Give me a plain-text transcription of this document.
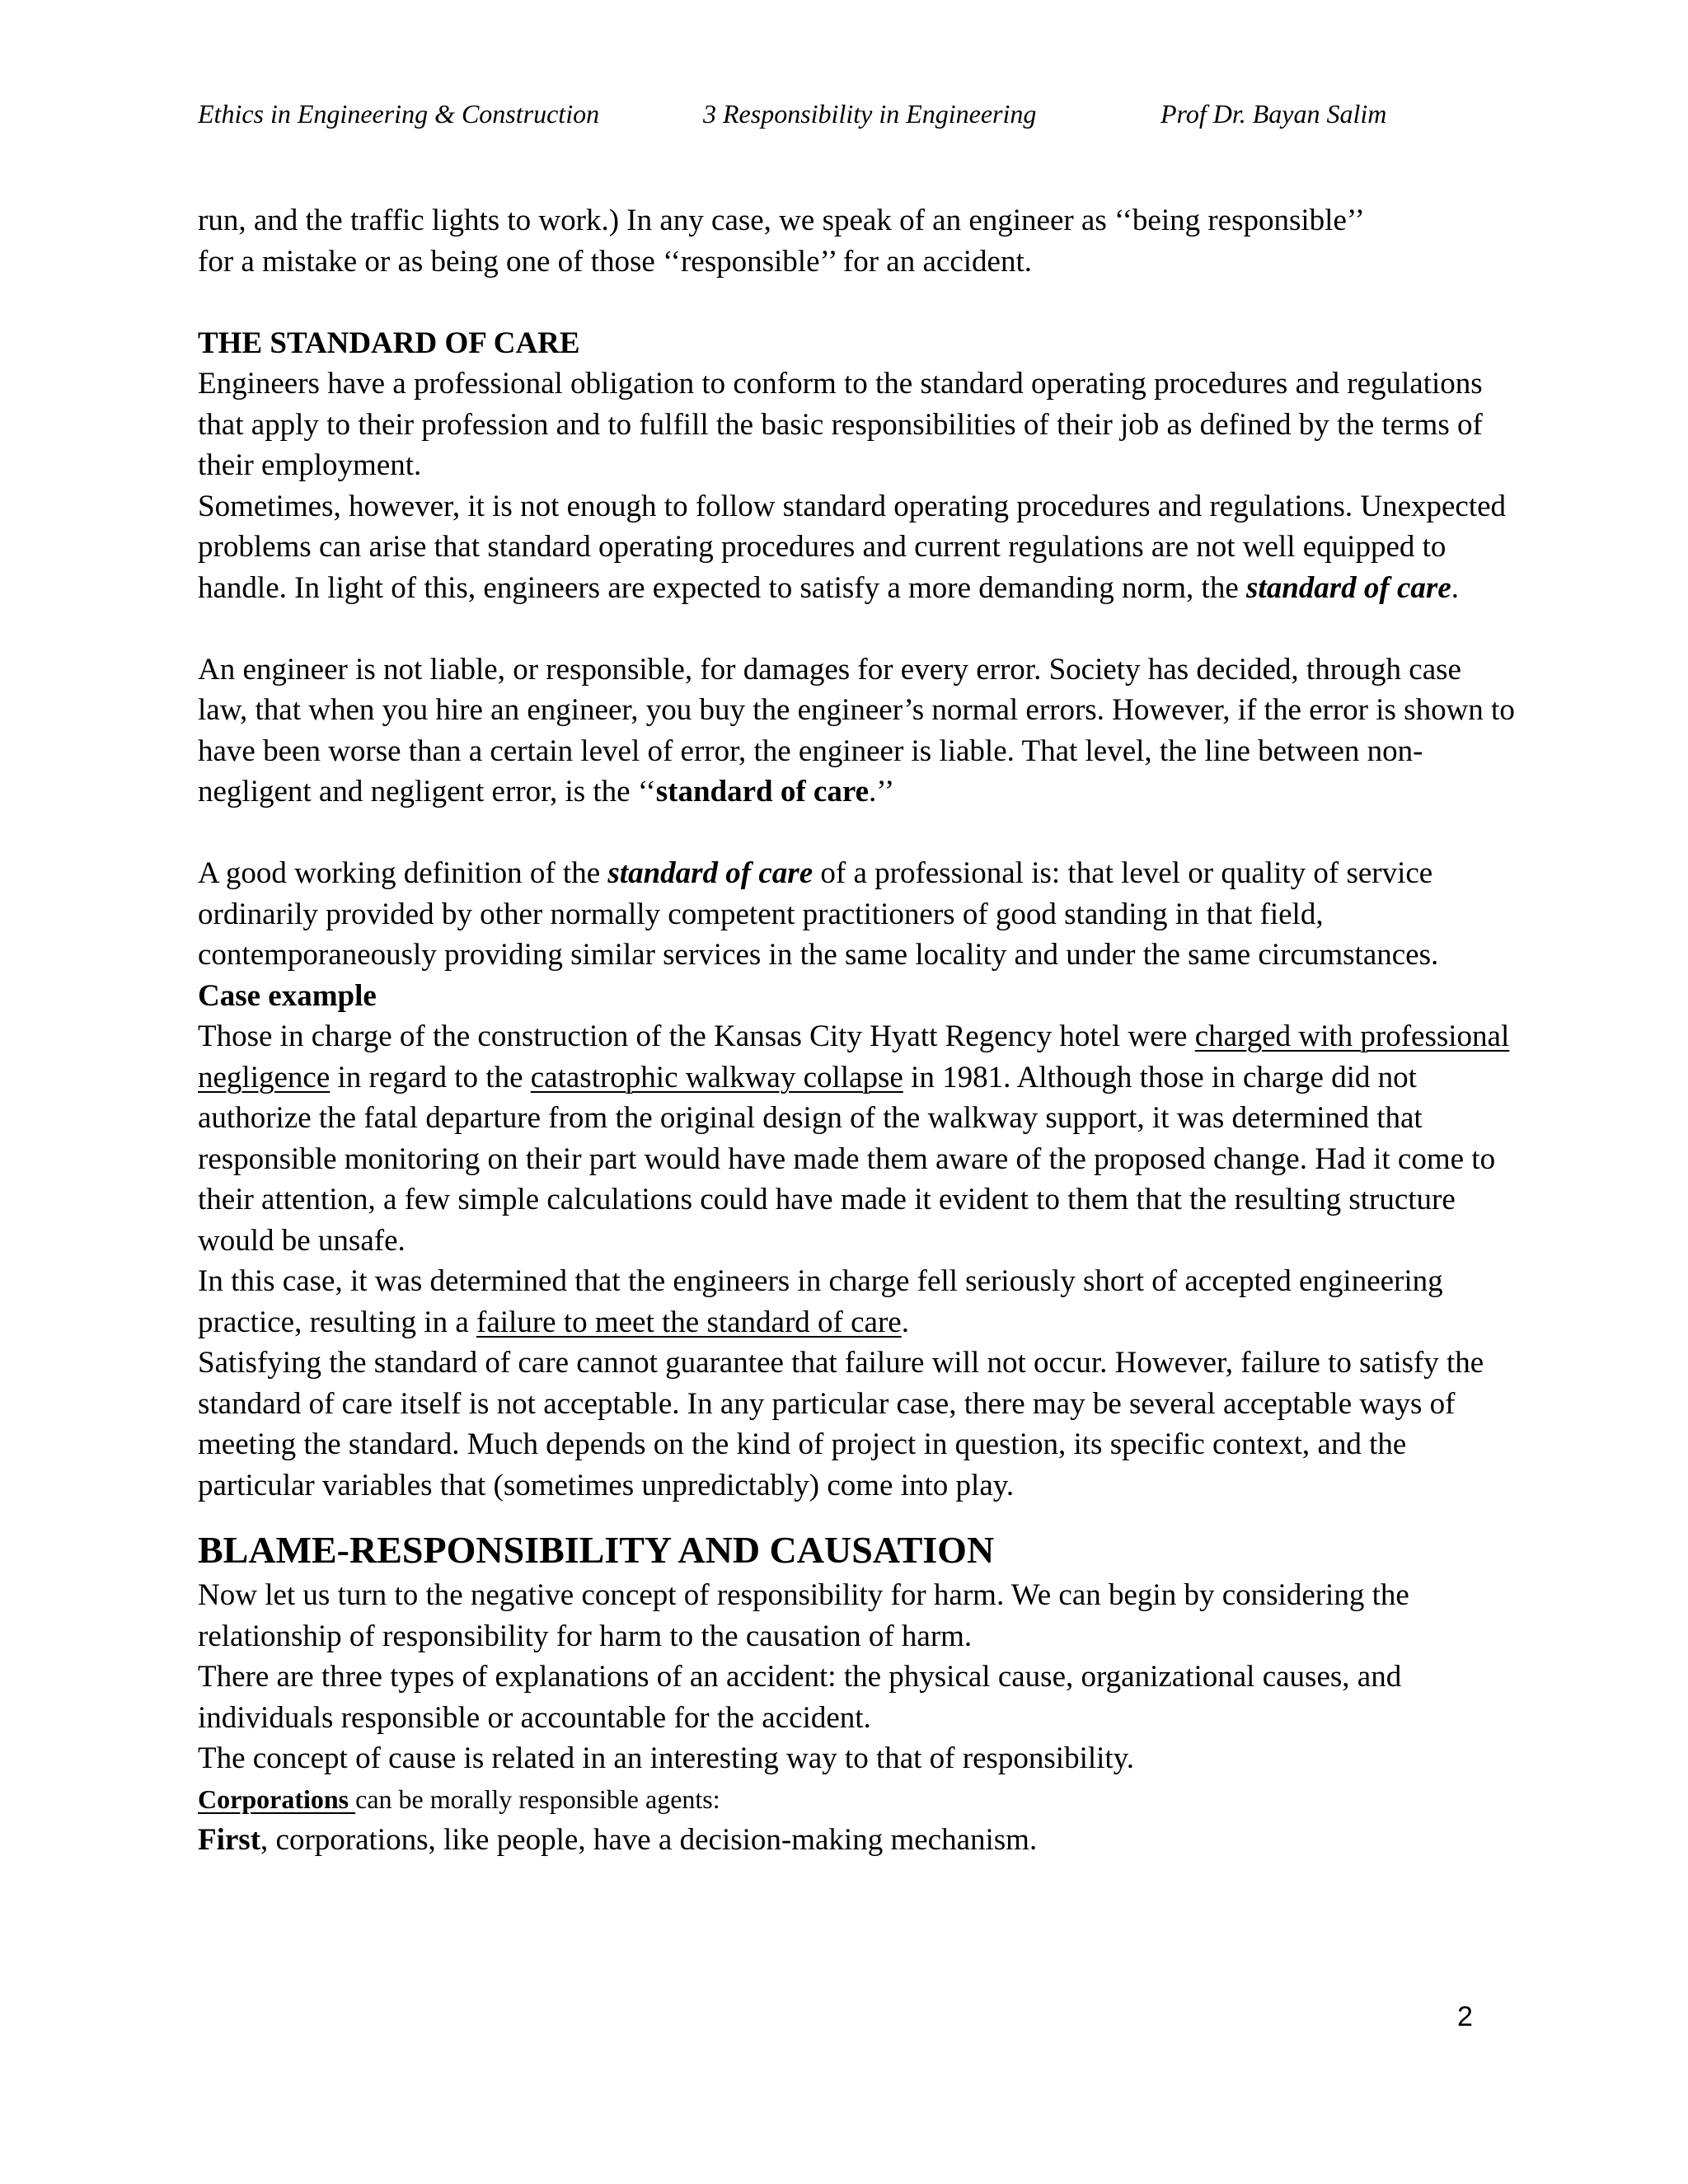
Ethics in Engineering & Construction	3 Responsibility in Engineering	Prof Dr. Bayan Salim

run, and the traffic lights to work.) In any case, we speak of an engineer as ‘‘being responsible’’

for a mistake or as being one of those ‘‘responsible’’ for an accident.

THE STANDARD OF CARE

Engineers have a professional obligation to conform to the standard operating procedures and regulations that apply to their profession and to fulfill the basic responsibilities of their job as defined by the terms of their employment.

Sometimes, however, it is not enough to follow standard operating procedures and regulations. Unexpected problems can arise that standard operating procedures and current regulations are not well equipped to handle. In light of this, engineers are expected to satisfy a more demanding norm, the standard of care.

An engineer is not liable, or responsible, for damages for every error. Society has decided, through case law, that when you hire an engineer, you buy the engineer’s normal errors. However, if the error is shown to have been worse than a certain level of error, the engineer is liable. That level, the line between non-negligent and negligent error, is the ‘‘standard of care.’’

A good working definition of the standard of care of a professional is: that level or quality of service ordinarily provided by other normally competent practitioners of good standing in that field, contemporaneously providing similar services in the same locality and under the same circumstances.

Case example

Those in charge of the construction of the Kansas City Hyatt Regency hotel were charged with professional negligence in regard to the catastrophic walkway collapse in 1981. Although those in charge did not authorize the fatal departure from the original design of the walkway support, it was determined that responsible monitoring on their part would have made them aware of the proposed change. Had it come to their attention, a few simple calculations could have made it evident to them that the resulting structure would be unsafe.

In this case, it was determined that the engineers in charge fell seriously short of accepted engineering practice, resulting in a failure to meet the standard of care.

Satisfying the standard of care cannot guarantee that failure will not occur. However, failure to satisfy the standard of care itself is not acceptable. In any particular case, there may be several acceptable ways of meeting the standard. Much depends on the kind of project in question, its specific context, and the particular variables that (sometimes unpredictably) come into play.

BLAME-RESPONSIBILITY AND CAUSATION

Now let us turn to the negative concept of responsibility for harm. We can begin by considering the relationship of responsibility for harm to the causation of harm.

There are three types of explanations of an accident: the physical cause, organizational causes, and individuals responsible or accountable for the accident.

The concept of cause is related in an interesting way to that of responsibility.

Corporations can be morally responsible agents:

First, corporations, like people, have a decision-making mechanism.

2
